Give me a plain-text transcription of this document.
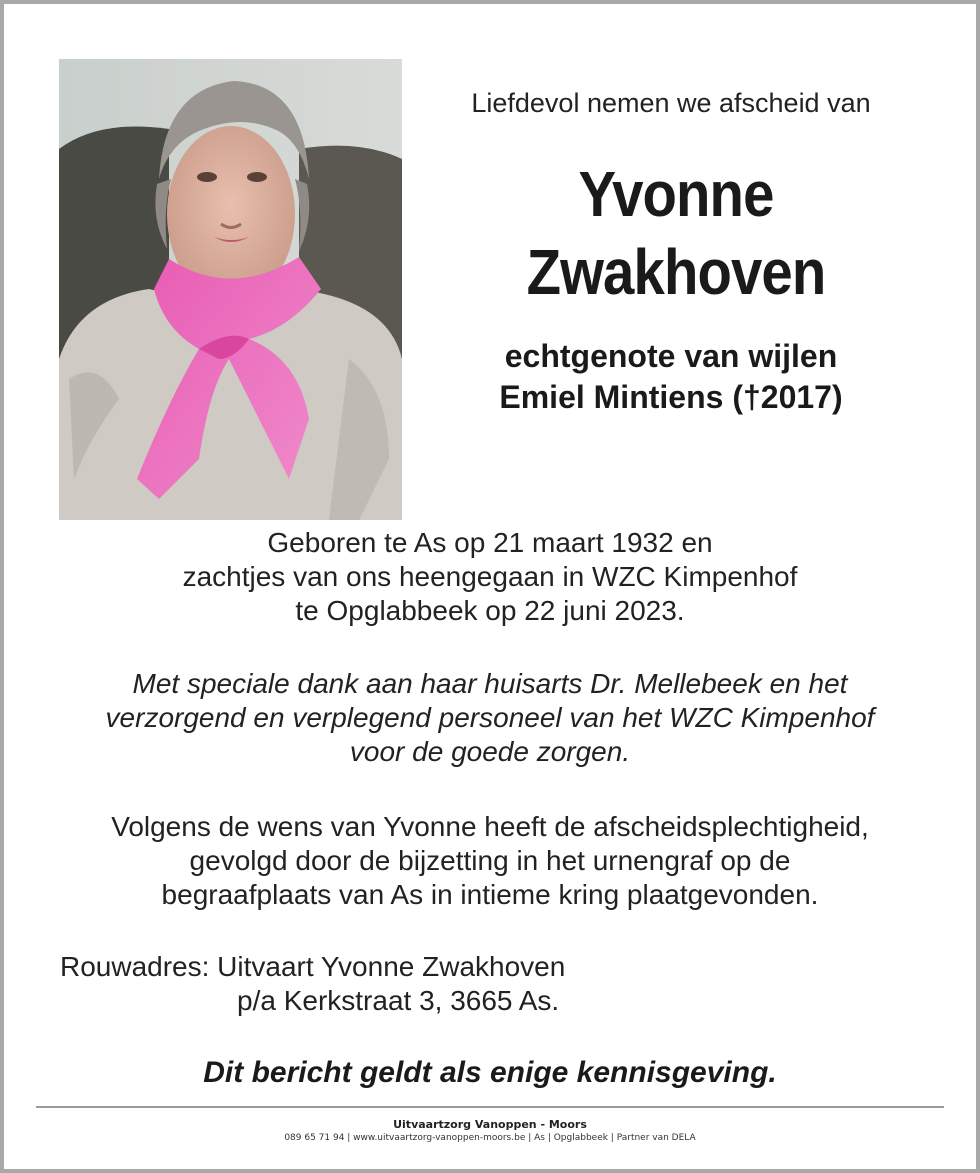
Liefdevol nemen we afscheid van
Yvonne
Zwakhoven
echtgenote van wijlen
Emiel Mintiens (†2017)
Geboren te As op 21 maart 1932 en
zachtjes van ons heengegaan in WZC Kimpenhof
te Opglabbeek op 22 juni 2023.
Met speciale dank aan haar huisarts Dr. Mellebeek en het
verzorgend en verplegend personeel van het WZC Kimpenhof
voor de goede zorgen.
Volgens de wens van Yvonne heeft de afscheidsplechtigheid,
gevolgd door de bijzetting in het urnengraf op de
begraafplaats van As in intieme kring plaatgevonden.
Rouwadres: Uitvaart Yvonne Zwakhoven
p/a Kerkstraat 3, 3665 As.
Dit bericht geldt als enige kennisgeving.
Uitvaartzorg Vanoppen - Moors
089 65 71 94 | www.uitvaartzorg-vanoppen-moors.be | As | Opglabbeek | Partner van DELA
